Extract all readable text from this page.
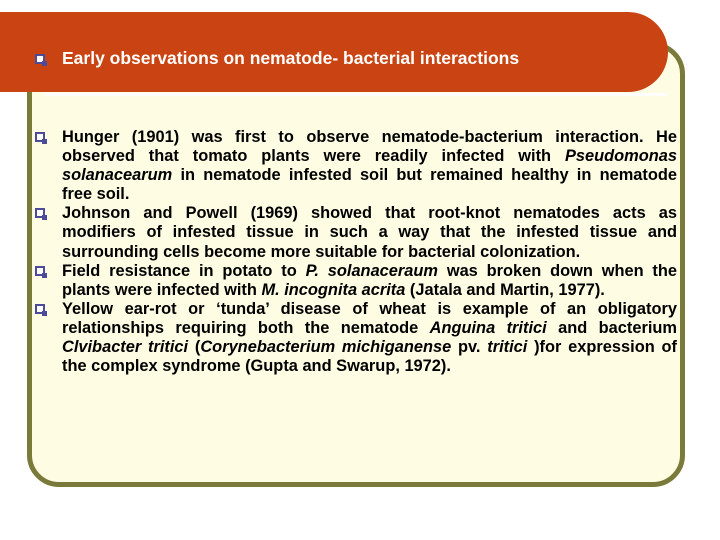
Early observations on nematode- bacterial interactions
Hunger (1901) was first to observe nematode-bacterium interaction. He observed that tomato plants were readily infected with Pseudomonas solanacearum in nematode infested soil but remained healthy in nematode free soil.
Johnson and Powell (1969) showed that root-knot nematodes acts as modifiers of infested tissue in such a way that the infested tissue and surrounding cells become more suitable for bacterial colonization.
Field resistance in potato to P. solanaceraum was broken down when the plants were infected with M. incognita acrita (Jatala and Martin, 1977).
Yellow ear-rot or ‘tunda’ disease of wheat is example of an obligatory relationships requiring both the nematode Anguina tritici and bacterium Clvibacter tritici (Corynebacterium michiganense pv. tritici )for expression of the complex syndrome (Gupta and Swarup, 1972).
